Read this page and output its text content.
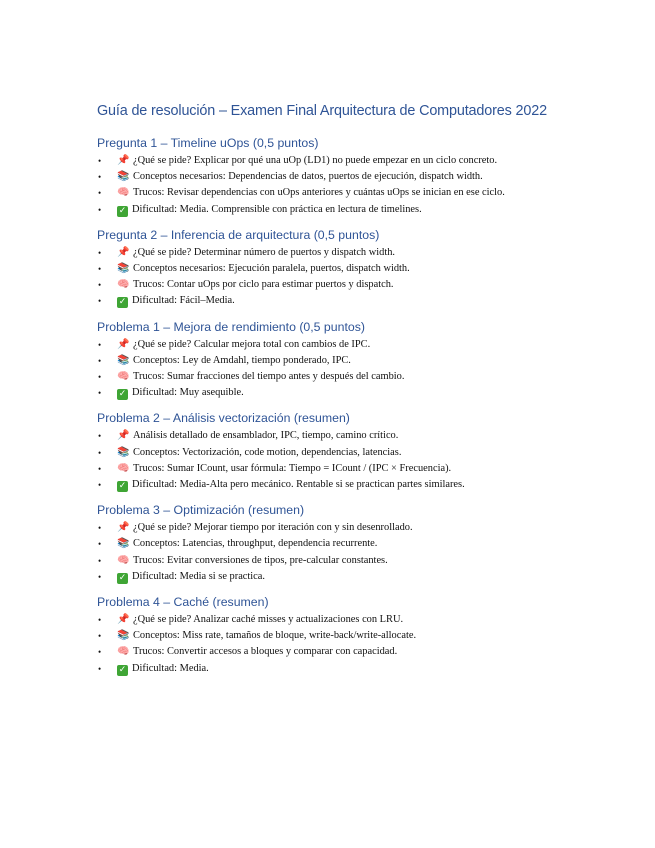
Guía de resolución – Examen Final Arquitectura de Computadores 2022
Pregunta 1 – Timeline uOps (0,5 puntos)
• 📌 ¿Qué se pide? Explicar por qué una uOp (LD1) no puede empezar en un ciclo concreto.
• 📚 Conceptos necesarios: Dependencias de datos, puertos de ejecución, dispatch width.
• 🧠 Trucos: Revisar dependencias con uOps anteriores y cuántas uOps se inician en ese ciclo.
• ✓ Dificultad: Media. Comprensible con práctica en lectura de timelines.
Pregunta 2 – Inferencia de arquitectura (0,5 puntos)
• 📌 ¿Qué se pide? Determinar número de puertos y dispatch width.
• 📚 Conceptos necesarios: Ejecución paralela, puertos, dispatch width.
• 🧠 Trucos: Contar uOps por ciclo para estimar puertos y dispatch.
• ✓ Dificultad: Fácil–Media.
Problema 1 – Mejora de rendimiento (0,5 puntos)
• 📌 ¿Qué se pide? Calcular mejora total con cambios de IPC.
• 📚 Conceptos: Ley de Amdahl, tiempo ponderado, IPC.
• 🧠 Trucos: Sumar fracciones del tiempo antes y después del cambio.
• ✓ Dificultad: Muy asequible.
Problema 2 – Análisis vectorización (resumen)
• 📌 Análisis detallado de ensamblador, IPC, tiempo, camino crítico.
• 📚 Conceptos: Vectorización, code motion, dependencias, latencias.
• 🧠 Trucos: Sumar ICount, usar fórmula: Tiempo = ICount / (IPC × Frecuencia).
• ✓ Dificultad: Media-Alta pero mecánico. Rentable si se practican partes similares.
Problema 3 – Optimización (resumen)
• 📌 ¿Qué se pide? Mejorar tiempo por iteración con y sin desenrollado.
• 📚 Conceptos: Latencias, throughput, dependencia recurrente.
• 🧠 Trucos: Evitar conversiones de tipos, pre-calcular constantes.
• ✓ Dificultad: Media si se practica.
Problema 4 – Caché (resumen)
• 📌 ¿Qué se pide? Analizar caché misses y actualizaciones con LRU.
• 📚 Conceptos: Miss rate, tamaños de bloque, write-back/write-allocate.
• 🧠 Trucos: Convertir accesos a bloques y comparar con capacidad.
• ✓ Dificultad: Media.
